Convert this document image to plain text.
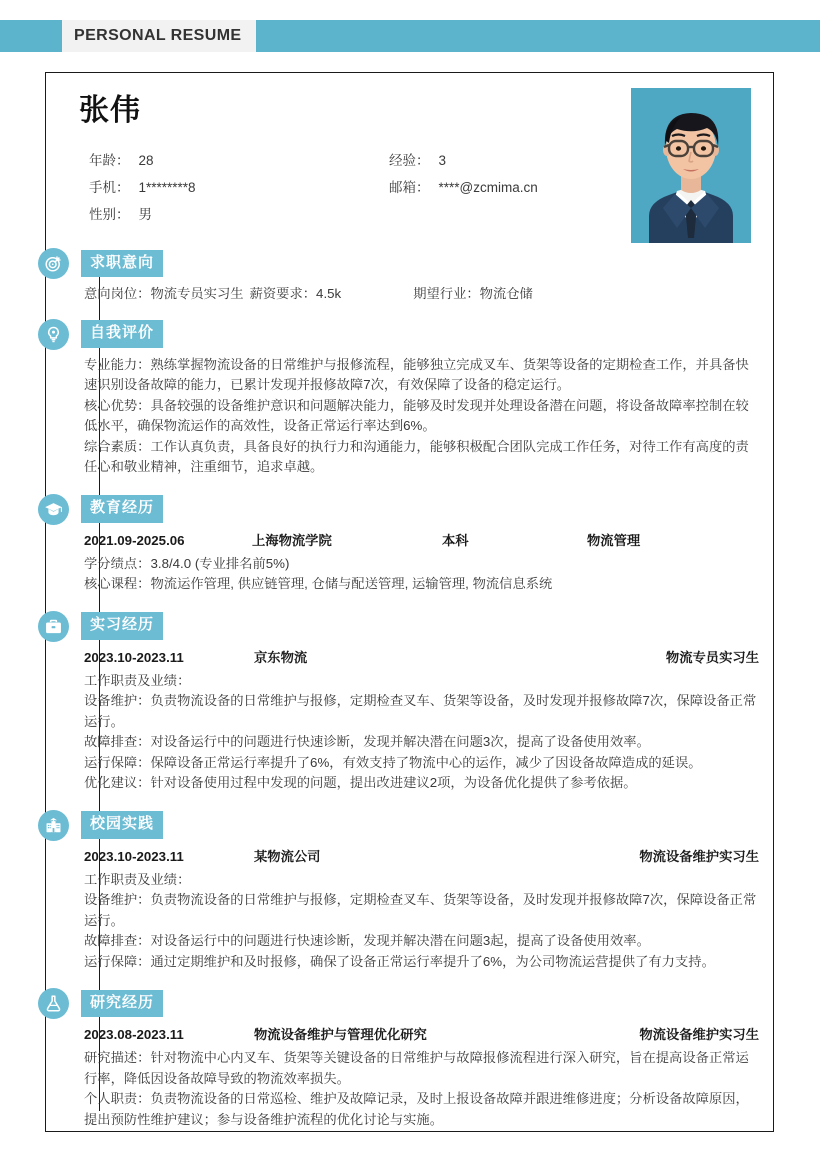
PERSONAL RESUME
张伟
年龄： 28	经验： 3
手机： 1********8	邮箱： ****@zcmima.cn
性别： 男
求职意向
意向岗位：物流专员实习生 薪资要求：4.5k	期望行业：物流仓储
自我评价

专业能力：熟练掌握物流设备的日常维护与报修流程，能够独立完成叉车、货架等设备的定期检查工作，并具备快速识别设备故障的能力，已累计发现并报修故障7次，有效保障了设备的稳定运行。

核心优势：具备较强的设备维护意识和问题解决能力，能够及时发现并处理设备潜在问题，将设备故障率控制在较低水平，确保物流运作的高效性，设备正常运行率达到6%。

综合素质：工作认真负责，具备良好的执行力和沟通能力，能够积极配合团队完成工作任务，对待工作有高度的责任心和敬业精神，注重细节，追求卓越。

教育经历
2021.09-2025.06	上海物流学院	本科	物流管理

学分绩点：3.8/4.0 (专业排名前5%)

核心课程：物流运作管理, 供应链管理, 仓储与配送管理, 运输管理, 物流信息系统

实习经历
2023.10-2023.11	京东物流	物流专员实习生

工作职责及业绩：

设备维护：负责物流设备的日常维护与报修，定期检查叉车、货架等设备，及时发现并报修故障7次，保障设备正常运行。

故障排查：对设备运行中的问题进行快速诊断，发现并解决潜在问题3次，提高了设备使用效率。

运行保障：保障设备正常运行率提升了6%，有效支持了物流中心的运作，减少了因设备故障造成的延误。

优化建议：针对设备使用过程中发现的问题，提出改进建议2项，为设备优化提供了参考依据。

校园实践
2023.10-2023.11	某物流公司	物流设备维护实习生

工作职责及业绩：

设备维护：负责物流设备的日常维护与报修，定期检查叉车、货架等设备，及时发现并报修故障7次，保障设备正常运行。

故障排查：对设备运行中的问题进行快速诊断，发现并解决潜在问题3起，提高了设备使用效率。

运行保障：通过定期维护和及时报修，确保了设备正常运行率提升了6%，为公司物流运营提供了有力支持。

研究经历
2023.08-2023.11	物流设备维护与管理优化研究	物流设备维护实习生

研究描述：针对物流中心内叉车、货架等关键设备的日常维护与故障报修流程进行深入研究，旨在提高设备正常运行率，降低因设备故障导致的物流效率损失。

个人职责：负责物流设备的日常巡检、维护及故障记录，及时上报设备故障并跟进维修进度；分析设备故障原因，提出预防性维护建议；参与设备维护流程的优化讨论与实施。
